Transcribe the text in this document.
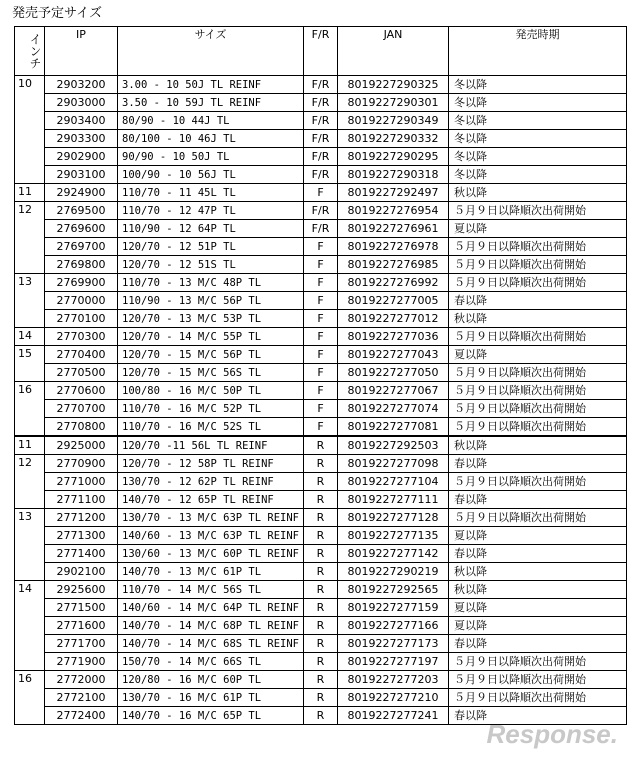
発売予定サイズ
インチ	IP	サイズ	F/R	JAN	発売時期
10	2903200	3.00 - 10 50J TL REINF	F/R	8019227290325	冬以降
	2903000	3.50 - 10 59J TL REINF	F/R	8019227290301	冬以降
	2903400	80/90 - 10 44J TL	F/R	8019227290349	冬以降
	2903300	80/100 - 10 46J TL	F/R	8019227290332	冬以降
	2902900	90/90 - 10 50J TL	F/R	8019227290295	冬以降
	2903100	100/90 - 10 56J TL	F/R	8019227290318	冬以降
11	2924900	110/70 - 11 45L TL	F	8019227292497	秋以降
12	2769500	110/70 - 12 47P TL	F/R	8019227276954	５月９日以降順次出荷開始
	2769600	110/90 - 12 64P TL	F/R	8019227276961	夏以降
	2769700	120/70 - 12 51P TL	F	8019227276978	５月９日以降順次出荷開始
	2769800	120/70 - 12 51S TL	F	8019227276985	５月９日以降順次出荷開始
13	2769900	110/70 - 13 M/C 48P TL	F	8019227276992	５月９日以降順次出荷開始
	2770000	110/90 - 13 M/C 56P TL	F	8019227277005	春以降
	2770100	120/70 - 13 M/C 53P TL	F	8019227277012	秋以降
14	2770300	120/70 - 14 M/C 55P TL	F	8019227277036	５月９日以降順次出荷開始
15	2770400	120/70 - 15 M/C 56P TL	F	8019227277043	夏以降
	2770500	120/70 - 15 M/C 56S TL	F	8019227277050	５月９日以降順次出荷開始
16	2770600	100/80 - 16 M/C 50P TL	F	8019227277067	５月９日以降順次出荷開始
	2770700	110/70 - 16 M/C 52P TL	F	8019227277074	５月９日以降順次出荷開始
	2770800	110/70 - 16 M/C 52S TL	F	8019227277081	５月９日以降順次出荷開始
11	2925000	120/70 -11 56L TL REINF	R	8019227292503	秋以降
12	2770900	120/70 - 12 58P TL REINF	R	8019227277098	春以降
	2771000	130/70 - 12 62P TL REINF	R	8019227277104	５月９日以降順次出荷開始
	2771100	140/70 - 12 65P TL REINF	R	8019227277111	春以降
13	2771200	130/70 - 13 M/C 63P TL REINF	R	8019227277128	５月９日以降順次出荷開始
	2771300	140/60 - 13 M/C 63P TL REINF	R	8019227277135	夏以降
	2771400	130/60 - 13 M/C 60P TL REINF	R	8019227277142	春以降
	2902100	140/70 - 13 M/C 61P TL	R	8019227290219	秋以降
14	2925600	110/70 - 14 M/C 56S TL	R	8019227292565	秋以降
	2771500	140/60 - 14 M/C 64P TL REINF	R	8019227277159	夏以降
	2771600	140/70 - 14 M/C 68P TL REINF	R	8019227277166	夏以降
	2771700	140/70 - 14 M/C 68S TL REINF	R	8019227277173	春以降
	2771900	150/70 - 14 M/C 66S TL	R	8019227277197	５月９日以降順次出荷開始
16	2772000	120/80 - 16 M/C 60P TL	R	8019227277203	５月９日以降順次出荷開始
	2772100	130/70 - 16 M/C 61P TL	R	8019227277210	５月９日以降順次出荷開始
	2772400	140/70 - 16 M/C 65P TL	R	8019227277241	春以降
Response.
